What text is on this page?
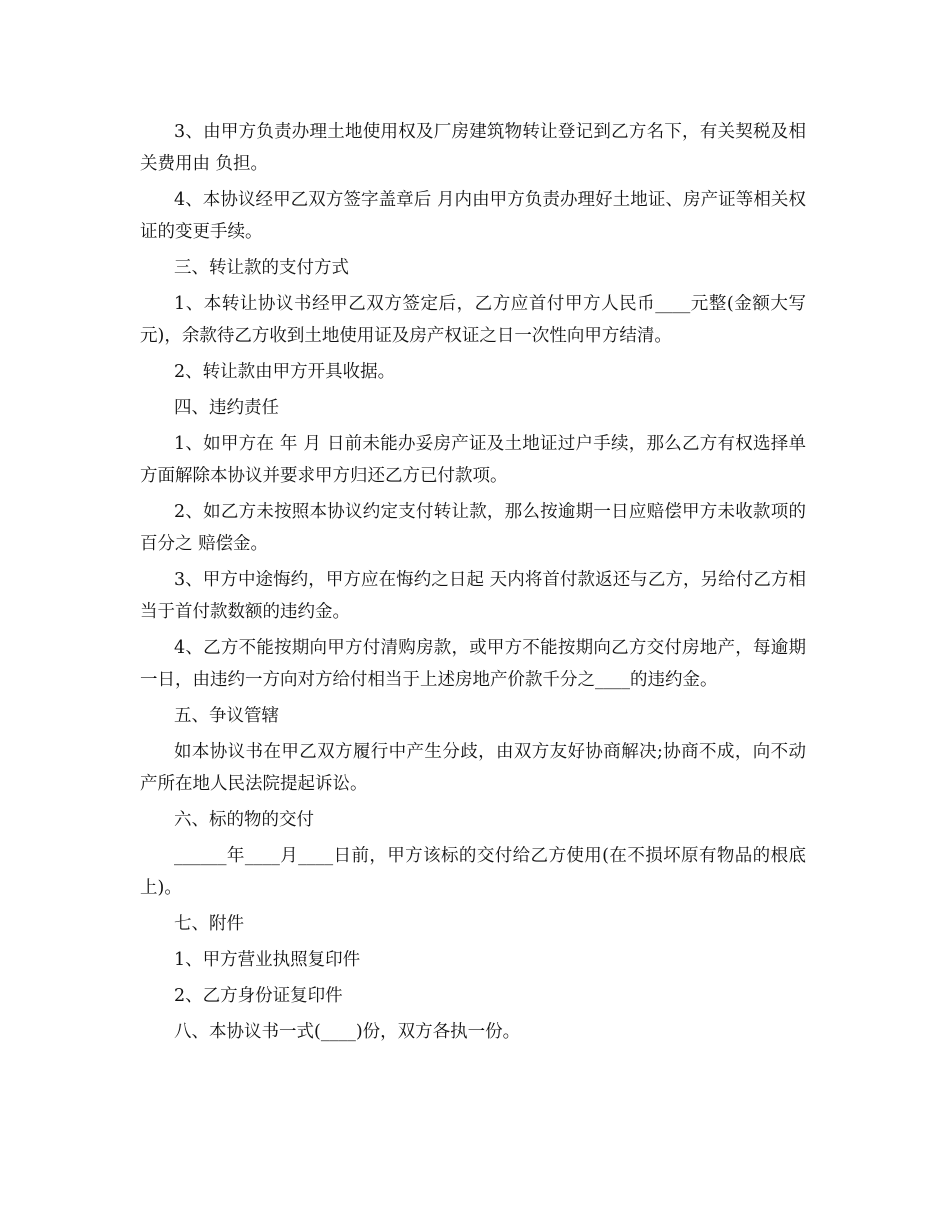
3、由甲方负责办理土地使用权及厂房建筑物转让登记到乙方名下，有关契税及相关费用由 负担。

4、本协议经甲乙双方签字盖章后 月内由甲方负责办理好土地证、房产证等相关权证的变更手续。

三、转让款的支付方式

1、本转让协议书经甲乙双方签定后，乙方应首付甲方人民币____元整(金额大写 元)，余款待乙方收到土地使用证及房产权证之日一次性向甲方结清。

2、转让款由甲方开具收据。

四、违约责任

1、如甲方在 年 月 日前未能办妥房产证及土地证过户手续，那么乙方有权选择单方面解除本协议并要求甲方归还乙方已付款项。

2、如乙方未按照本协议约定支付转让款，那么按逾期一日应赔偿甲方未收款项的百分之 赔偿金。

3、甲方中途悔约，甲方应在悔约之日起 天内将首付款返还与乙方，另给付乙方相当于首付款数额的违约金。

4、乙方不能按期向甲方付清购房款，或甲方不能按期向乙方交付房地产，每逾期一日，由违约一方向对方给付相当于上述房地产价款千分之____的违约金。

五、争议管辖

如本协议书在甲乙双方履行中产生分歧，由双方友好协商解决;协商不成，向不动产所在地人民法院提起诉讼。

六、标的物的交付

______年____月____日前，甲方该标的交付给乙方使用(在不损坏原有物品的根底上)。

七、附件

1、甲方营业执照复印件

2、乙方身份证复印件

八、本协议书一式(____)份，双方各执一份。
